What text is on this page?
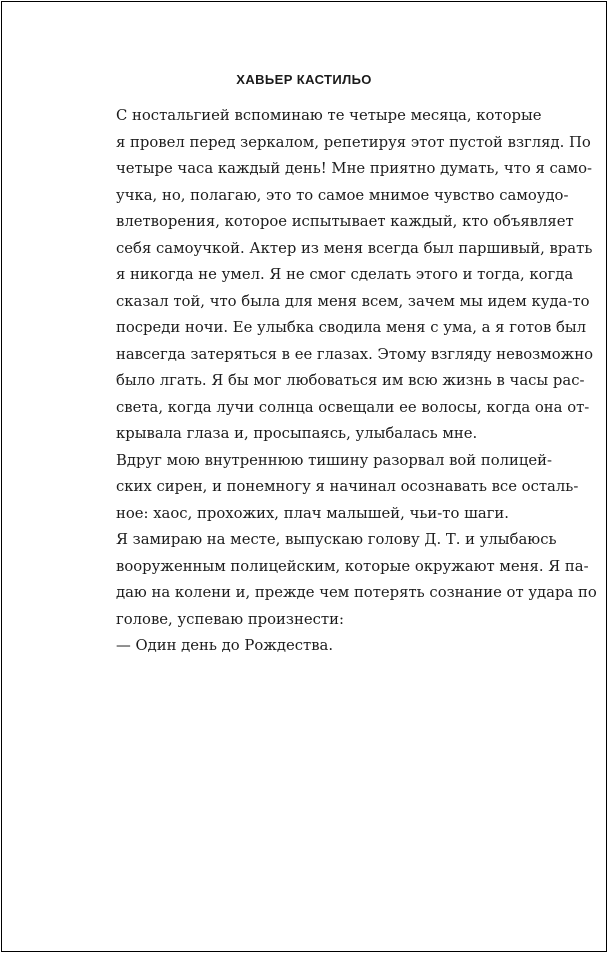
ХАВЬЕР КАСТИЛЬО

С ностальгией вспоминаю те четыре месяца, которые
я провел перед зеркалом, репетируя этот пустой взгляд. По
четыре часа каждый день! Мне приятно думать, что я само-
учка, но, полагаю, это то самое мнимое чувство самоудо-
влетворения, которое испытывает каждый, кто объявляет
себя самоучкой. Актер из меня всегда был паршивый, врать
я никогда не умел. Я не смог сделать этого и тогда, когда
сказал той, что была для меня всем, зачем мы идем куда-то
посреди ночи. Ее улыбка сводила меня с ума, а я готов был
навсегда затеряться в ее глазах. Этому взгляду невозможно
было лгать. Я бы мог любоваться им всю жизнь в часы рас-
света, когда лучи солнца освещали ее волосы, когда она от-
крывала глаза и, просыпаясь, улыбалась мне.

Вдруг мою внутреннюю тишину разорвал вой полицей-
ских сирен, и понемногу я начинал осознавать все осталь-
ное: хаос, прохожих, плач малышей, чьи-то шаги.

Я замираю на месте, выпускаю голову Д. Т. и улыбаюсь
вооруженным полицейским, которые окружают меня. Я па-
даю на колени и, прежде чем потерять сознание от удара по
голове, успеваю произнести:

— Один день до Рождества.
